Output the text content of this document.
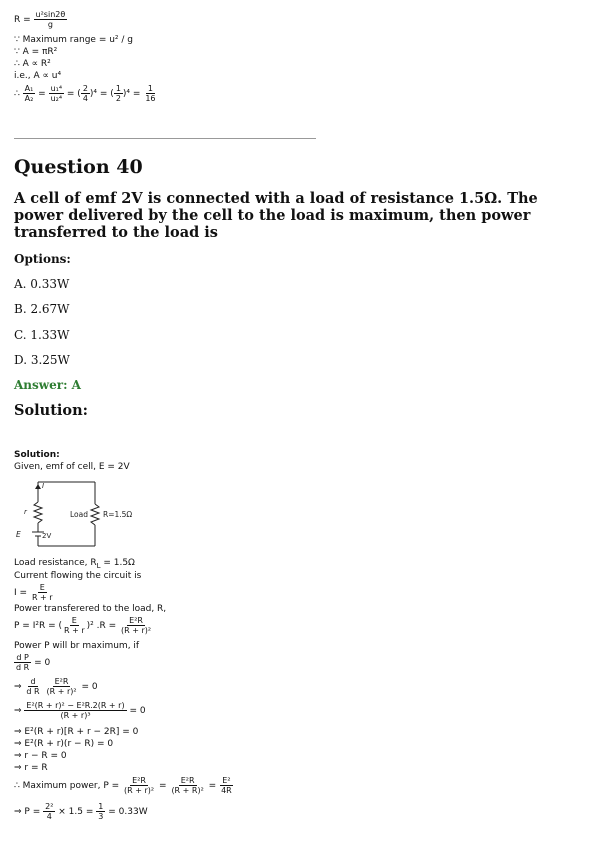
$R = \frac{\text{u²sin2θ}}{g}$
∵ Maximum range = u² / g
∵ A = πR²
∴ A ∝ R²
i.e., A ∝ u⁴
∴ $\frac{\text{A₁}}{\text{A₂}} = \frac{\text{u₁⁴}}{\text{u₂⁴}}$ = ( $\frac{2}{4} )^4$ = ( $\frac{1}{2} )^4 = \frac{1}{16}$
Question 40
A cell of emf 2V is connected with a load of resistance 1.5Ω. The power delivered by the cell to the load is maximum, then power transferred to the load is
Options:
A. 0.33W
B. 2.67W
C. 1.33W
D. 3.25W
Answer: A
Solution:
Solution:
Given, emf of cell, E = 2V
I
r	Load R=1.5Ω
E	2V
Load resistance, $R_L = 1.5\Omega$
Current flowing the circuit is
$I = \frac{E}{R + r}$
Power transferered to the load, R,
P = I²R = ( $\frac{E}{R + r} )^2$ $.R = \frac{\text{E²R}}{\text{(R + r)²}}$
Power P will br maximum, if
$\frac{\text{d P}}{\text{d R}} = 0$
⇒ $\frac{d}{\text{d R}}$
$\frac{\text{E²R}}{\text{(R + r)²}} = 0$
⇒ $\frac{\text{E²(R + r)² − E²R.2(R + r)}}{\text{(R + r)³}} = 0$
⇒ E²(R + r)[R + r − 2R] = 0
⇒ E²(R + r)(r − R) = 0
⇒ r − R = 0
⇒ r = R
∴ Maximum power, $P = \frac{\text{E²R}}{\text{(R + r)²}} = \frac{\text{E²R}}{\text{(R + R)²}} = \frac{\text{E²}}{4R}$
⇒ $P = \frac{\text{2²}}{4} \times 1.5 = \frac{1}{3} = 0.33W$
